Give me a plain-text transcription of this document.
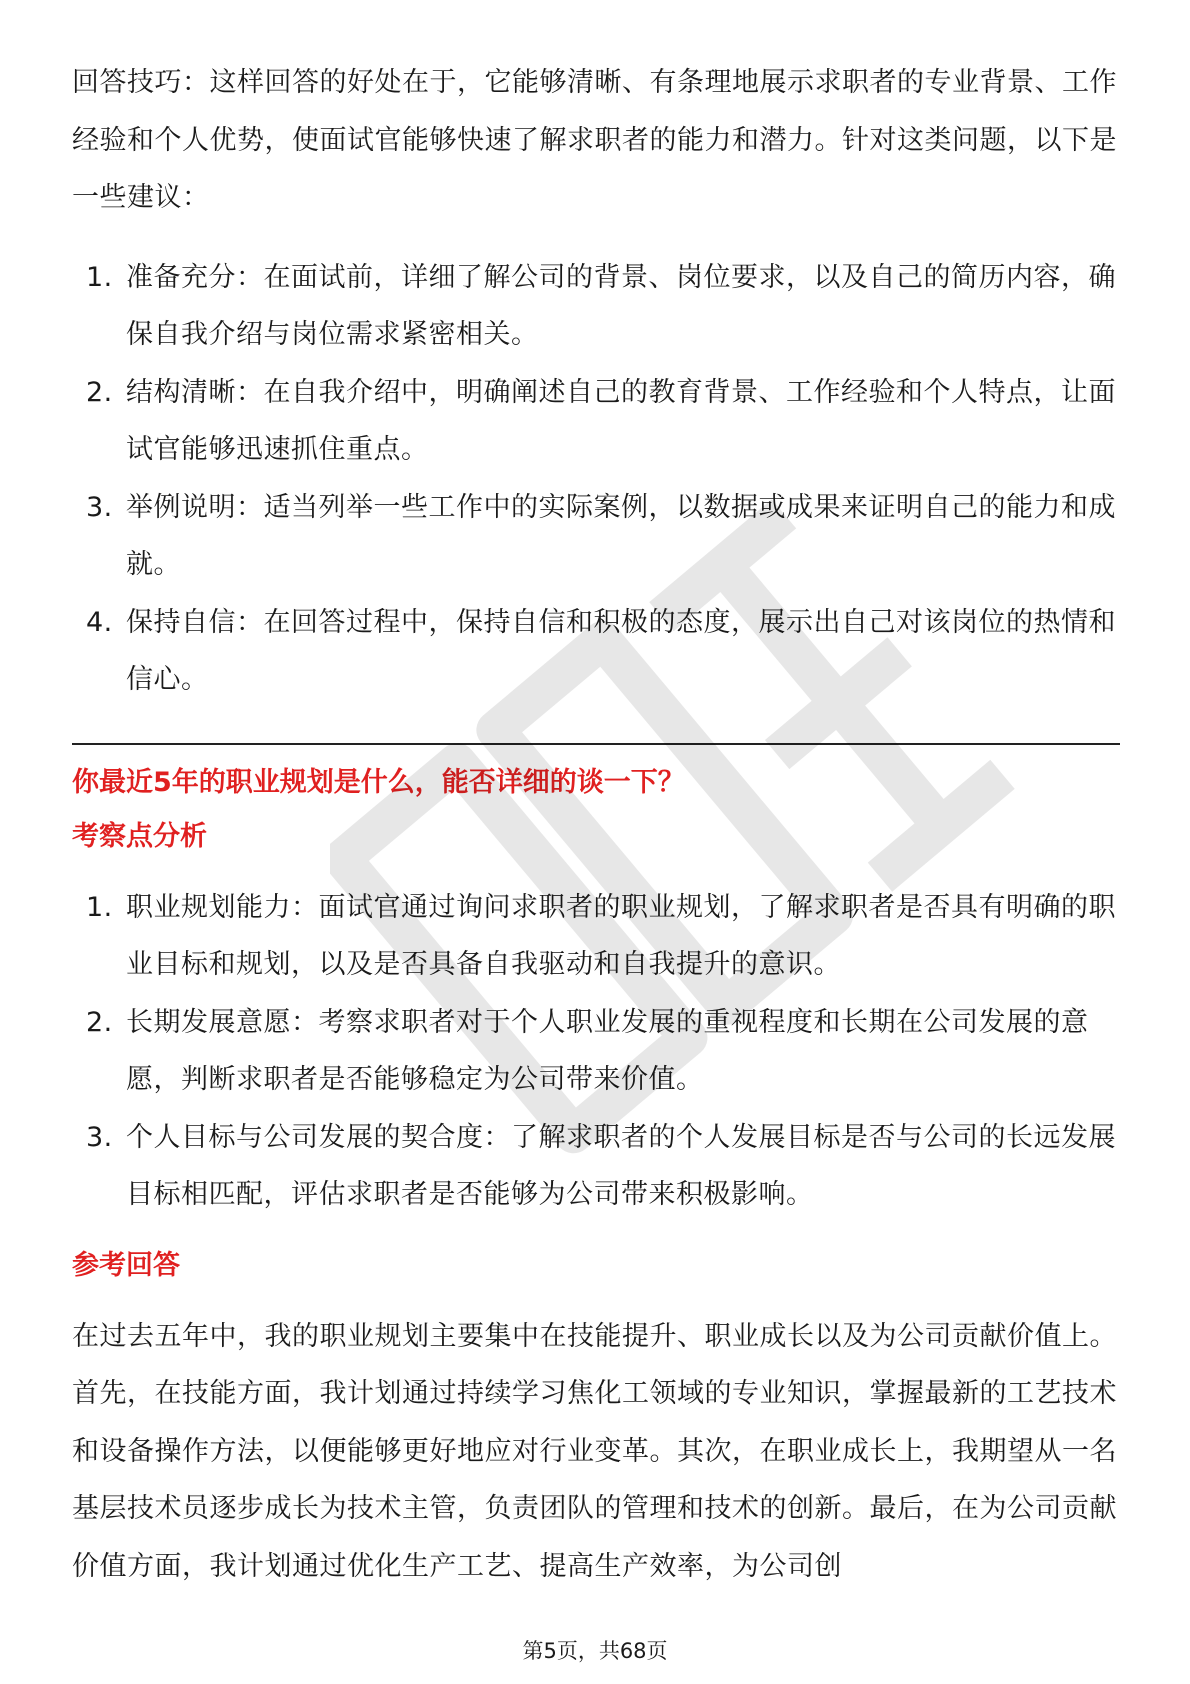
回答技巧：这样回答的好处在于，它能够清晰、有条理地展示求职者的专业背景、工作经验和个人优势，使面试官能够快速了解求职者的能力和潜力。针对这类问题，以下是一些建议：

1. 准备充分：在面试前，详细了解公司的背景、岗位要求，以及自己的简历内容，确保自我介绍与岗位需求紧密相关。
2. 结构清晰：在自我介绍中，明确阐述自己的教育背景、工作经验和个人特点，让面试官能够迅速抓住重点。
3. 举例说明：适当列举一些工作中的实际案例，以数据或成果来证明自己的能力和成就。
4. 保持自信：在回答过程中，保持自信和积极的态度，展示出自己对该岗位的热情和信心。
你最近5年的职业规划是什么，能否详细的谈一下？
考察点分析
1. 职业规划能力：面试官通过询问求职者的职业规划，了解求职者是否具有明确的职业目标和规划，以及是否具备自我驱动和自我提升的意识。
2. 长期发展意愿：考察求职者对于个人职业发展的重视程度和长期在公司发展的意愿，判断求职者是否能够稳定为公司带来价值。
3. 个人目标与公司发展的契合度：了解求职者的个人发展目标是否与公司的长远发展目标相匹配，评估求职者是否能够为公司带来积极影响。
参考回答

在过去五年中，我的职业规划主要集中在技能提升、职业成长以及为公司贡献价值上。首先，在技能方面，我计划通过持续学习焦化工领域的专业知识，掌握最新的工艺技术和设备操作方法，以便能够更好地应对行业变革。其次，在职业成长上，我期望从一名基层技术员逐步成长为技术主管，负责团队的管理和技术的创新。最后，在为公司贡献价值方面，我计划通过优化生产工艺、提高生产效率，为公司创

第5页，共68页
